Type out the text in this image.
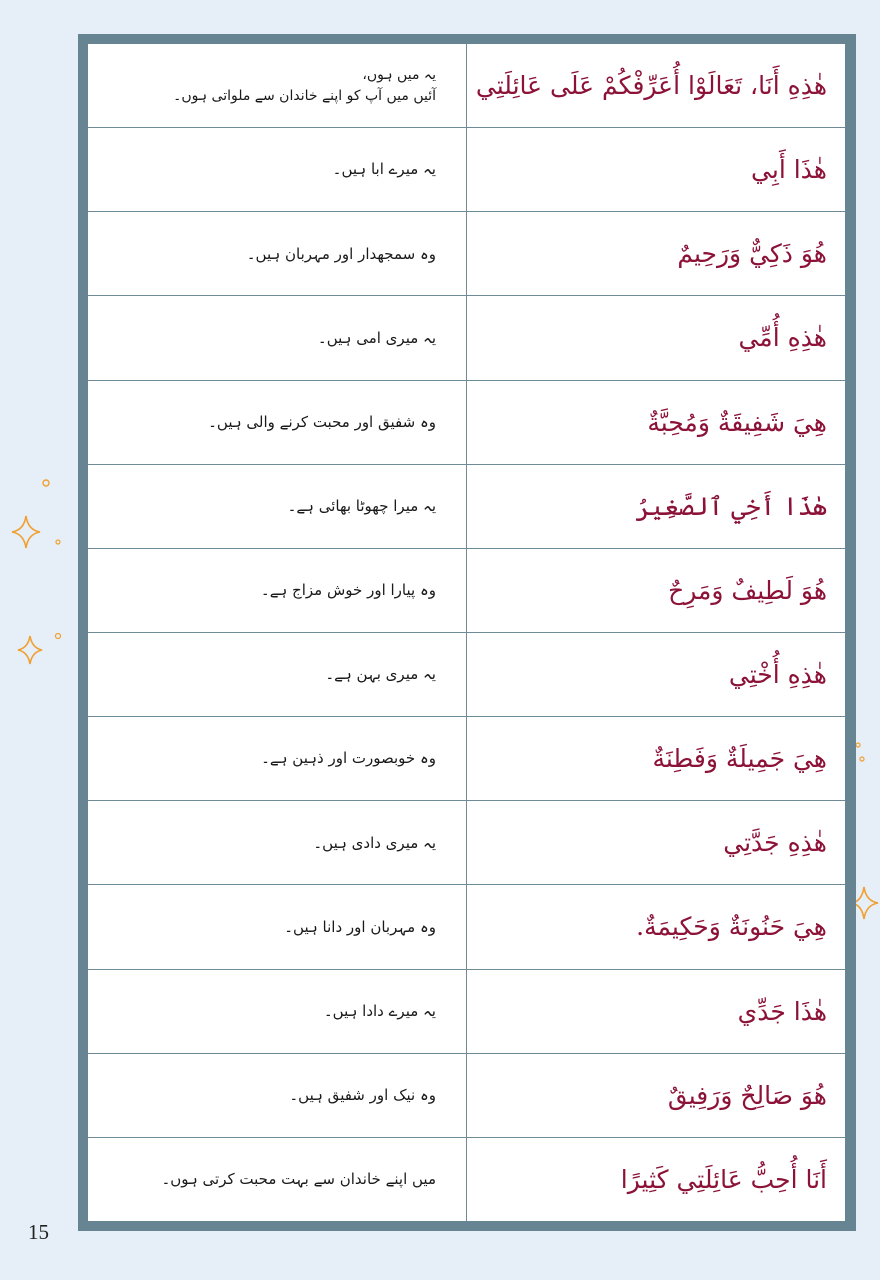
هٰذِهِ أَنَا، تَعَالَوْا أُعَرِّفْكُمْ عَلَى عَائِلَتِي
یہ میں ہوں،
آئیں میں آپ کو اپنے خاندان سے ملواتی ہوں۔
هٰذَا أَبِي
یہ میرے ابا ہیں۔
هُوَ ذَكِيٌّ وَرَحِيمٌ
وہ سمجھدار اور مہربان ہیں۔
هٰذِهِ أُمِّي
یہ میری امی ہیں۔
هِيَ شَفِيقَةٌ وَمُحِبَّةٌ
وہ شفیق اور محبت کرنے والی ہیں۔
هٰذَا أَخِي ٱلصَّغِيرُ
یہ میرا چھوٹا بھائی ہے۔
هُوَ لَطِيفٌ وَمَرِحٌ
وہ پیارا اور خوش مزاج ہے۔
هٰذِهِ أُخْتِي
یہ میری بہن ہے۔
هِيَ جَمِيلَةٌ وَفَطِنَةٌ
وہ خوبصورت اور ذہین ہے۔
هٰذِهِ جَدَّتِي
یہ میری دادی ہیں۔
هِيَ حَنُونَةٌ وَحَكِيمَةٌ.
وہ مہربان اور دانا ہیں۔
هٰذَا جَدِّي
یہ میرے دادا ہیں۔
هُوَ صَالِحٌ وَرَفِيقٌ
وہ نیک اور شفیق ہیں۔
أَنَا أُحِبُّ عَائِلَتِي كَثِيرًا
میں اپنے خاندان سے بہت محبت کرتی ہوں۔
15
